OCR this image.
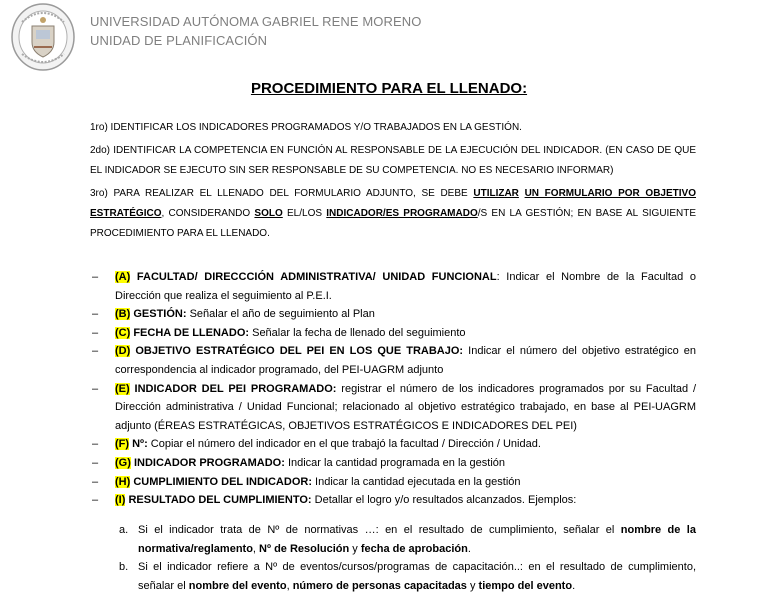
UNIVERSIDAD AUTÓNOMA GABRIEL RENE MORENO
UNIDAD DE PLANIFICACIÓN
PROCEDIMIENTO PARA EL LLENADO:
1ro) IDENTIFICAR LOS INDICADORES PROGRAMADOS Y/O TRABAJADOS EN LA GESTIÓN.
2do) IDENTIFICAR LA COMPETENCIA EN FUNCIÓN AL RESPONSABLE DE LA EJECUCIÓN DEL INDICADOR. (EN CASO DE QUE EL INDICADOR SE EJECUTO SIN SER RESPONSABLE DE SU COMPETENCIA. NO ES NECESARIO INFORMAR)
3ro) PARA REALIZAR EL LLENADO DEL FORMULARIO ADJUNTO, SE DEBE UTILIZAR UN FORMULARIO POR OBJETIVO ESTRATÉGICO, CONSIDERANDO SOLO EL/LOS INDICADOR/ES PROGRAMADO/S EN LA GESTIÓN; EN BASE AL SIGUIENTE PROCEDIMIENTO PARA EL LLENADO.
– (A) FACULTAD/ DIRECCCIÓN ADMINISTRATIVA/ UNIDAD FUNCIONAL: Indicar el Nombre de la Facultad o Dirección que realiza el seguimiento al P.E.I.
– (B) GESTIÓN: Señalar el año de seguimiento al Plan
– (C) FECHA DE LLENADO: Señalar la fecha de llenado del seguimiento
– (D) OBJETIVO ESTRATÉGICO DEL PEI EN LOS QUE TRABAJO: Indicar el número del objetivo estratégico en correspondencia al indicador programado, del PEI-UAGRM adjunto
– (E) INDICADOR DEL PEI PROGRAMADO: registrar el número de los indicadores programados por su Facultad / Dirección administrativa / Unidad Funcional; relacionado al objetivo estratégico trabajado, en base al PEI-UAGRM adjunto (ÉREAS ESTRATÉGICAS, OBJETIVOS ESTRATÉGICOS E INDICADORES DEL PEI)
– (F) Nº: Copiar el número del indicador en el que trabajó la facultad / Dirección / Unidad.
– (G) INDICADOR PROGRAMADO: Indicar la cantidad programada en la gestión
– (H) CUMPLIMIENTO DEL INDICADOR: Indicar la cantidad ejecutada en la gestión
– (I) RESULTADO DEL CUMPLIMIENTO: Detallar el logro y/o resultados alcanzados. Ejemplos:
a. Si el indicador trata de Nº de normativas …: en el resultado de cumplimiento, señalar el nombre de la normativa/reglamento, Nº de Resolución y fecha de aprobación.
b. Si el indicador refiere a Nº de eventos/cursos/programas de capacitación..: en el resultado de cumplimiento, señalar el nombre del evento, número de personas capacitadas y tiempo del evento.
